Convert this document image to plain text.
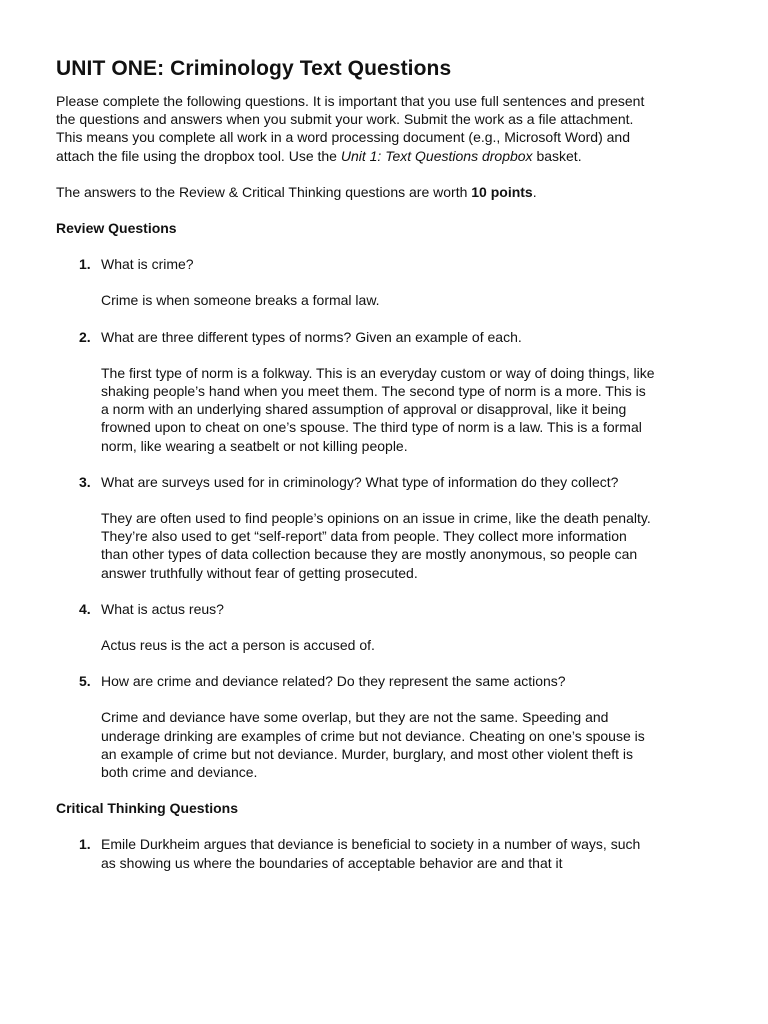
UNIT ONE: Criminology Text Questions

Please complete the following questions. It is important that you use full sentences and present the questions and answers when you submit your work. Submit the work as a file attachment. This means you complete all work in a word processing document (e.g., Microsoft Word) and attach the file using the dropbox tool. Use the Unit 1: Text Questions dropbox basket.

The answers to the Review & Critical Thinking questions are worth 10 points.

Review Questions

1. What is crime?

Crime is when someone breaks a formal law.

2. What are three different types of norms? Given an example of each.

The first type of norm is a folkway. This is an everyday custom or way of doing things, like shaking people’s hand when you meet them. The second type of norm is a more. This is a norm with an underlying shared assumption of approval or disapproval, like it being frowned upon to cheat on one’s spouse. The third type of norm is a law. This is a formal norm, like wearing a seatbelt or not killing people.

3. What are surveys used for in criminology? What type of information do they collect?

They are often used to find people’s opinions on an issue in crime, like the death penalty. They’re also used to get “self-report” data from people. They collect more information than other types of data collection because they are mostly anonymous, so people can answer truthfully without fear of getting prosecuted.

4. What is actus reus?

Actus reus is the act a person is accused of.

5. How are crime and deviance related? Do they represent the same actions?

Crime and deviance have some overlap, but they are not the same. Speeding and underage drinking are examples of crime but not deviance. Cheating on one’s spouse is an example of crime but not deviance. Murder, burglary, and most other violent theft is both crime and deviance.

Critical Thinking Questions

1. Emile Durkheim argues that deviance is beneficial to society in a number of ways, such as showing us where the boundaries of acceptable behavior are and that it
